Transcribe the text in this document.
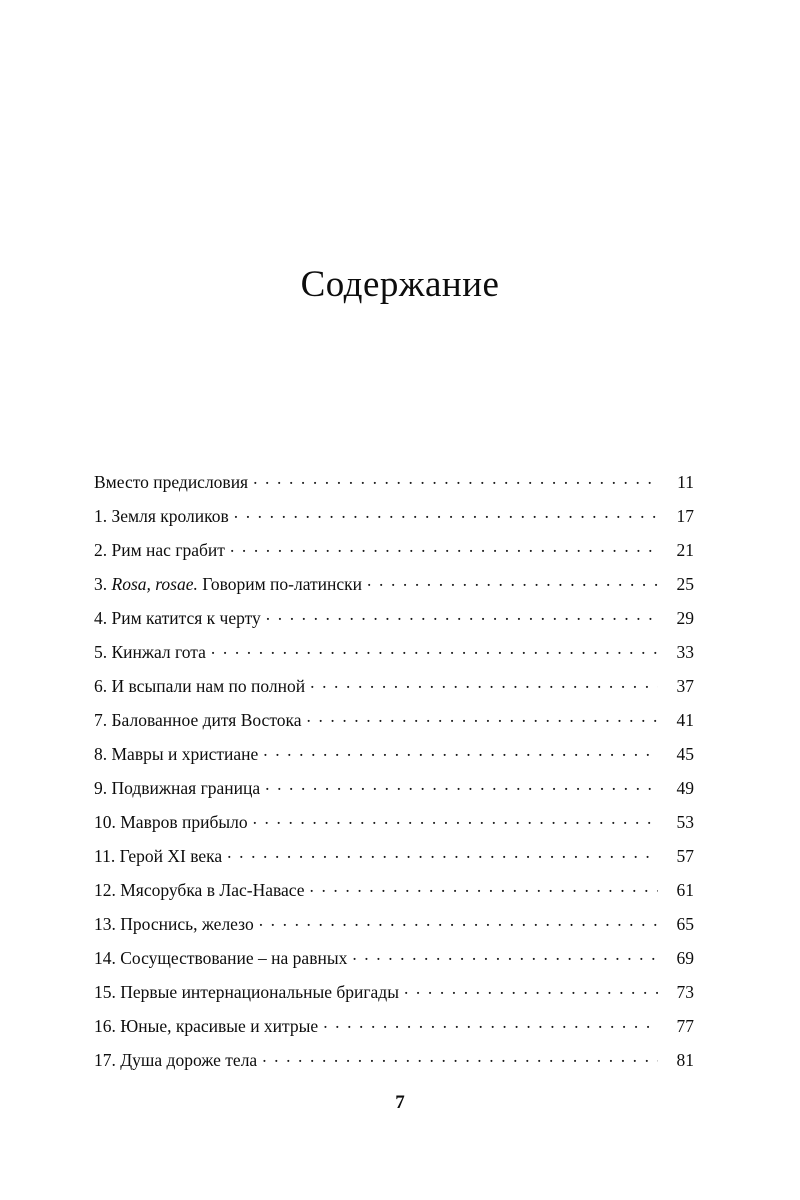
Содержание
Вместо предисловия . . .	11
1. Земля кроликов . . .	17
2. Рим нас грабит . . .	21
3. Rosa, rosae. Говорим по-латински . . .	25
4. Рим катится к черту . . .	29
5. Кинжал гота . . .	33
6. И всыпали нам по полной . . .	37
7. Балованное дитя Востока . . .	41
8. Мавры и христиане . . .	45
9. Подвижная граница . . .	49
10. Мавров прибыло . . .	53
11. Герой XI века . . .	57
12. Мясорубка в Лас-Навасе . . .	61
13. Проснись, железо . . .	65
14. Сосуществование – на равных . . .	69
15. Первые интернациональные бригады . . .	73
16. Юные, красивые и хитрые . . .	77
17. Душа дороже тела . . .	81
7
